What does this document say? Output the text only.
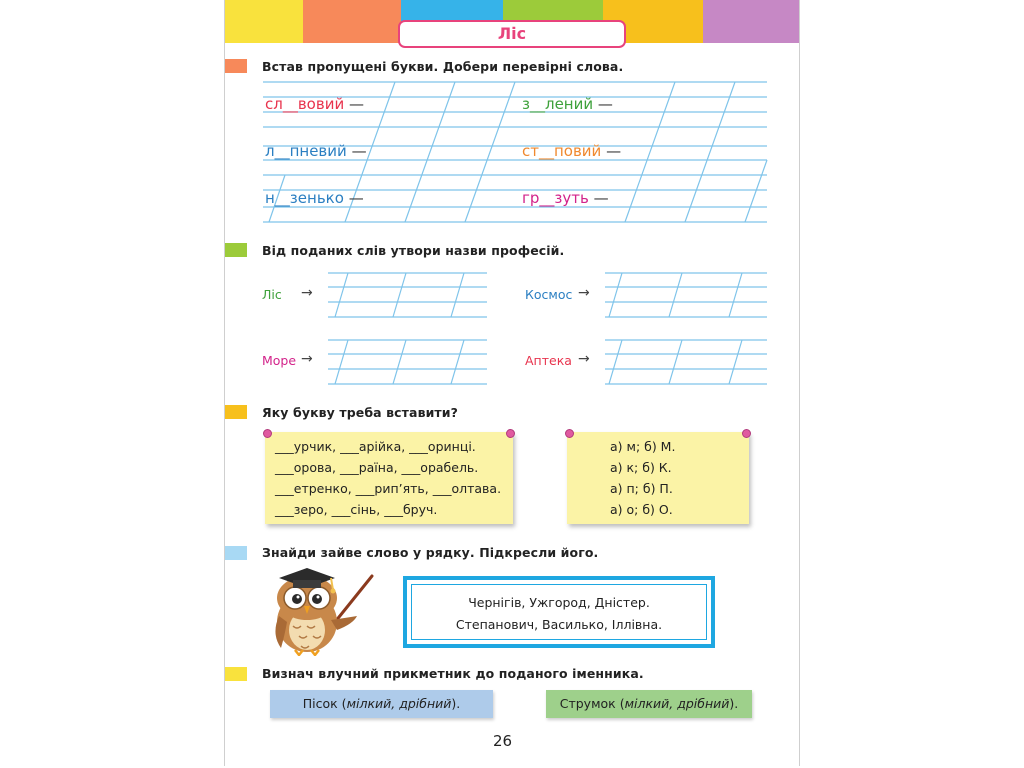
Ліс
Встав пропущені букви. Добери перевірні слова.
сл__вовий —	з__лений —
л__пневий —	ст__повий —
н__зенько —	гр__зуть —
Від поданих слів утвори назви професій.
Ліс →	Космос →
Море →	Аптека →
Яку букву треба вставити?
___урчик, ___арійка, ___оринці.
___орова, ___раїна, ___орабель.
___етренко, ___рип’ять, ___олтава.
___зеро, ___сінь, ___бруч.
а) м; б) М.
а) к; б) К.
а) п; б) П.
а) о; б) О.
Знайди зайве слово у рядку. Підкресли його.
Чернігів, Ужгород, Дністер.
Степанович, Василько, Іллівна.
Визнач влучний прикметник до поданого іменника.
Пісок (мілкий, дрібний).	Струмок (мілкий, дрібний).
26
